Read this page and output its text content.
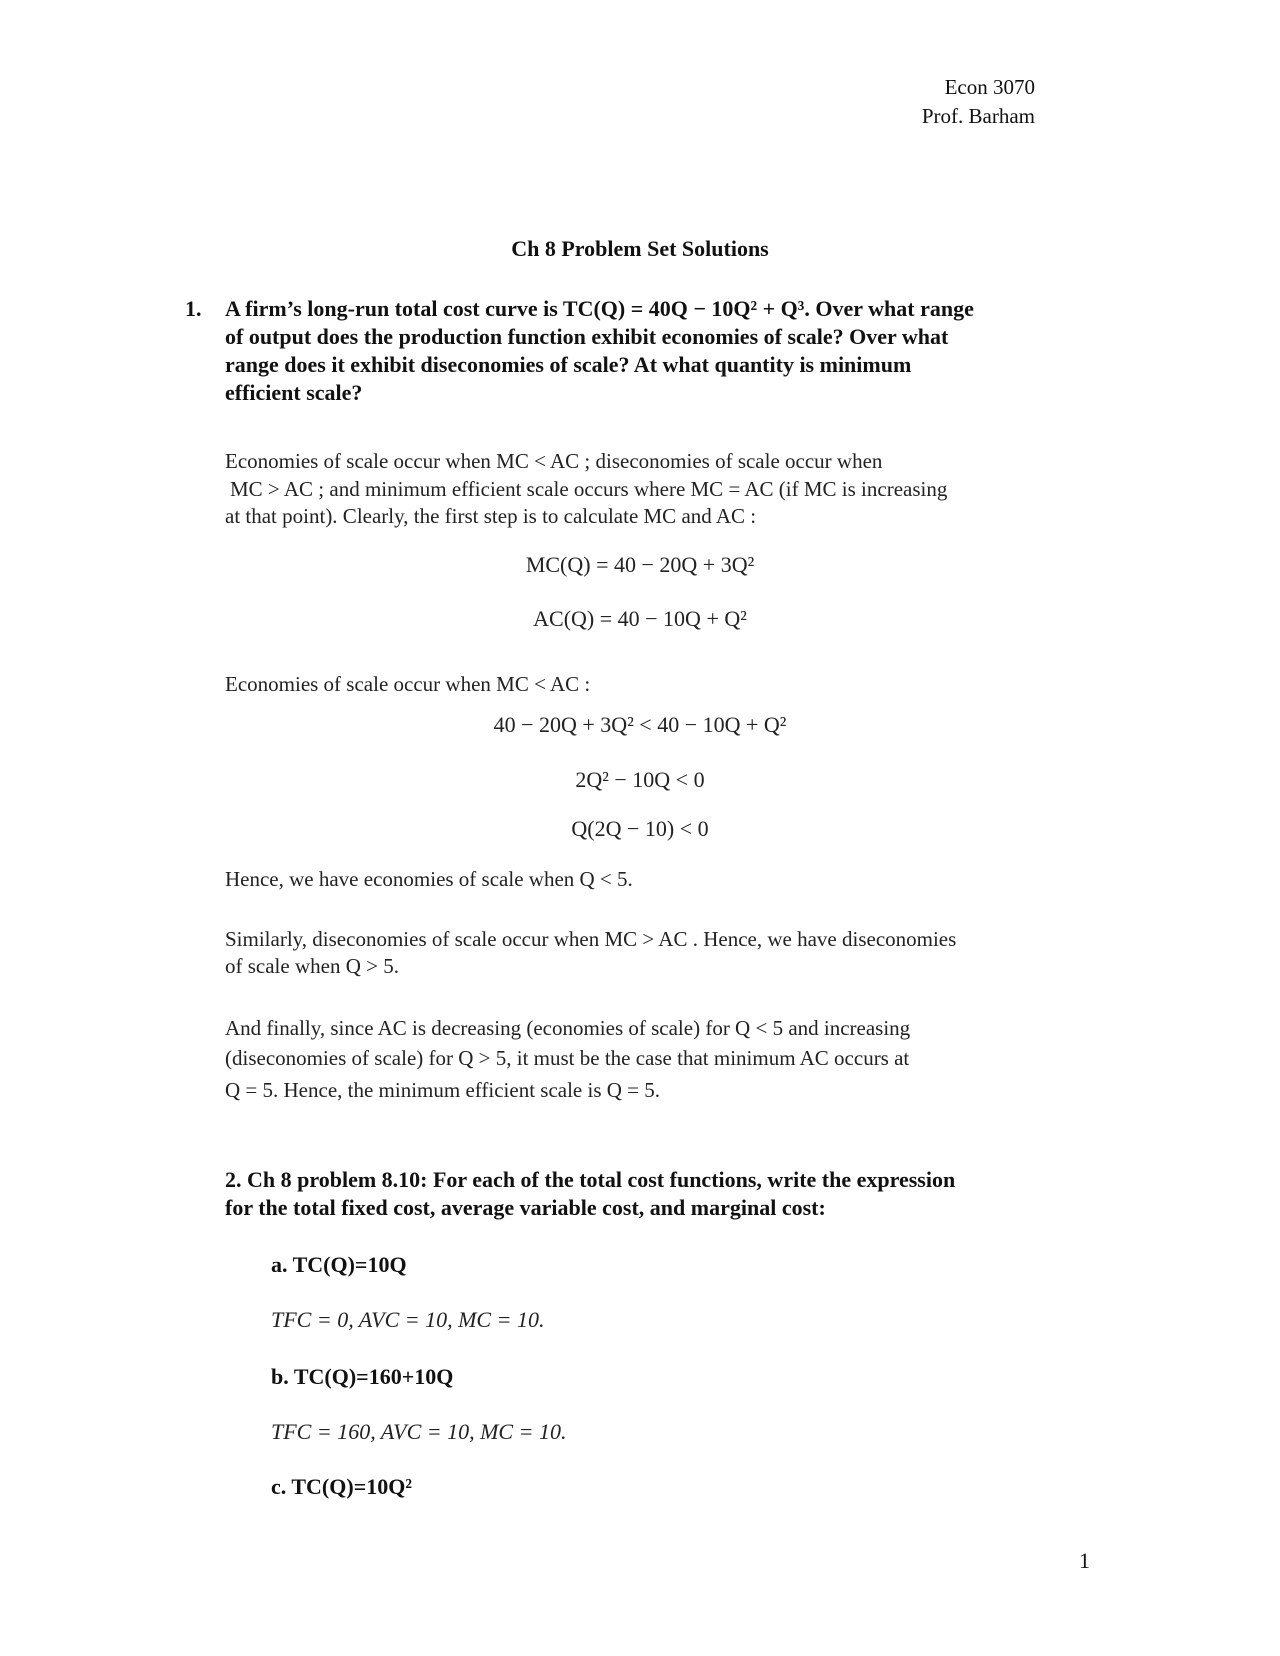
Econ 3070
Prof. Barham
Ch 8 Problem Set Solutions
1. A firm’s long-run total cost curve is TC(Q) = 40Q − 10Q² + Q³. Over what range
of output does the production function exhibit economies of scale? Over what
range does it exhibit diseconomies of scale? At what quantity is minimum
efficient scale?
Economies of scale occur when MC < AC ; diseconomies of scale occur when
MC > AC ; and minimum efficient scale occurs where MC = AC (if MC is increasing
at that point). Clearly, the first step is to calculate MC and AC :
MC(Q) = 40 − 20Q + 3Q²
AC(Q) = 40 − 10Q + Q²
Economies of scale occur when MC < AC :
40 − 20Q + 3Q² < 40 − 10Q + Q²
2Q² − 10Q < 0
Q(2Q − 10) < 0
Hence, we have economies of scale when Q < 5.
Similarly, diseconomies of scale occur when MC > AC . Hence, we have diseconomies
of scale when Q > 5.
And finally, since AC is decreasing (economies of scale) for Q < 5 and increasing
(diseconomies of scale) for Q > 5, it must be the case that minimum AC occurs at
Q = 5. Hence, the minimum efficient scale is Q = 5.
2. Ch 8 problem 8.10: For each of the total cost functions, write the expression
for the total fixed cost, average variable cost, and marginal cost:
a. TC(Q)=10Q
TFC = 0, AVC = 10, MC = 10.
b. TC(Q)=160+10Q
TFC = 160, AVC = 10, MC = 10.
c. TC(Q)=10Q²
1
